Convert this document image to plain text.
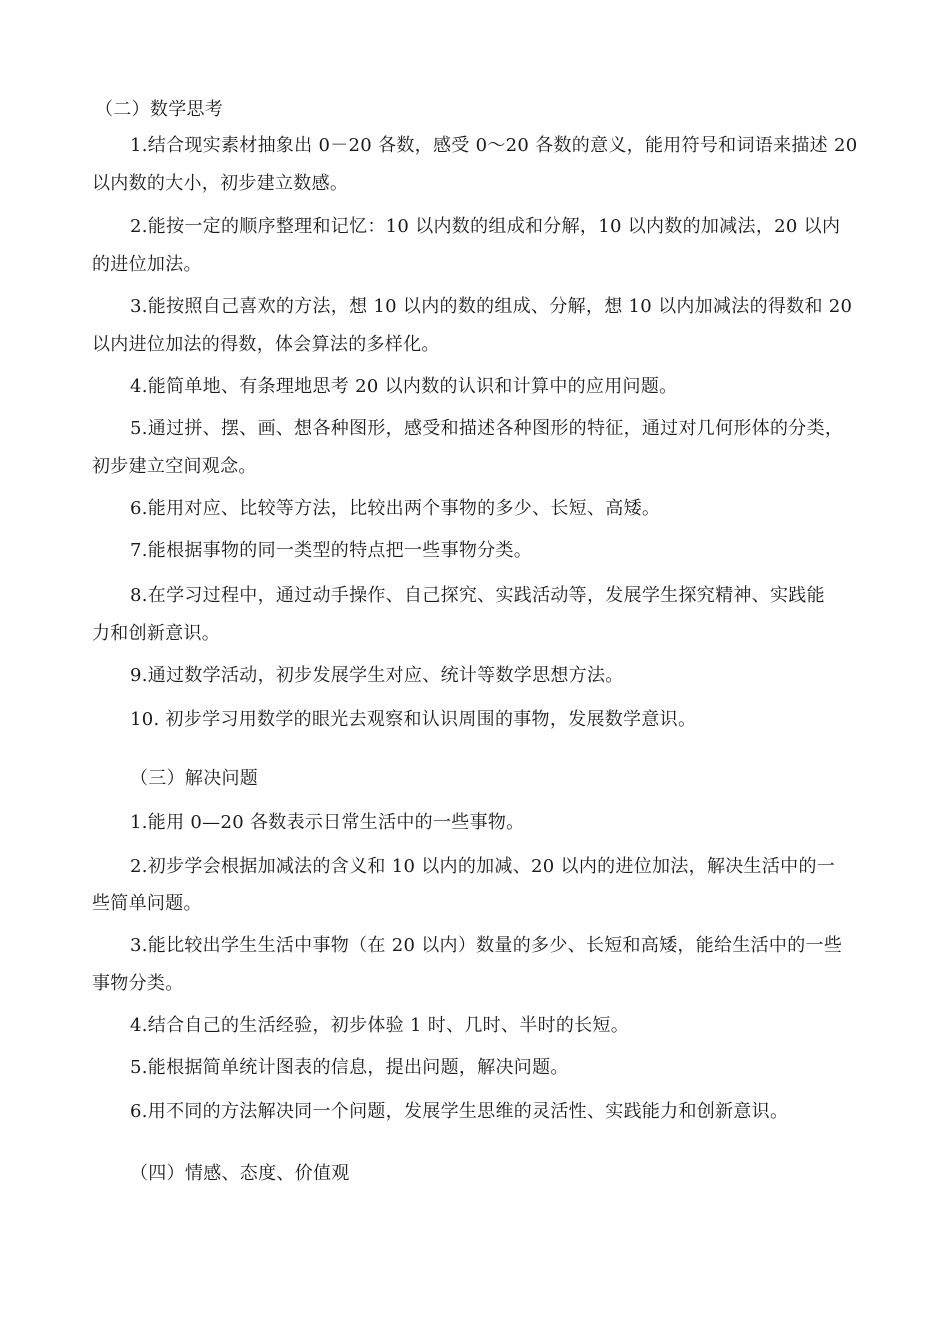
（二）数学思考
1.结合现实素材抽象出 0－20 各数，感受 0～20 各数的意义，能用符号和词语来描述 20
以内数的大小，初步建立数感。
2.能按一定的顺序整理和记忆：10 以内数的组成和分解，10 以内数的加减法，20 以内
的进位加法。
3.能按照自己喜欢的方法，想 10 以内的数的组成、分解，想 10 以内加减法的得数和 20
以内进位加法的得数，体会算法的多样化。
4.能简单地、有条理地思考 20 以内数的认识和计算中的应用问题。
5.通过拼、摆、画、想各种图形，感受和描述各种图形的特征，通过对几何形体的分类，
初步建立空间观念。
6.能用对应、比较等方法，比较出两个事物的多少、长短、高矮。
7.能根据事物的同一类型的特点把一些事物分类。
8.在学习过程中，通过动手操作、自己探究、实践活动等，发展学生探究精神、实践能
力和创新意识。
9.通过数学活动，初步发展学生对应、统计等数学思想方法。
10. 初步学习用数学的眼光去观察和认识周围的事物，发展数学意识。
（三）解决问题
1.能用 0—20 各数表示日常生活中的一些事物。
2.初步学会根据加减法的含义和 10 以内的加减、20 以内的进位加法，解决生活中的一
些简单问题。
3.能比较出学生生活中事物（在 20 以内）数量的多少、长短和高矮，能给生活中的一些
事物分类。
4.结合自己的生活经验，初步体验 1 时、几时、半时的长短。
5.能根据简单统计图表的信息，提出问题，解决问题。
6.用不同的方法解决同一个问题，发展学生思维的灵活性、实践能力和创新意识。
（四）情感、态度、价值观
